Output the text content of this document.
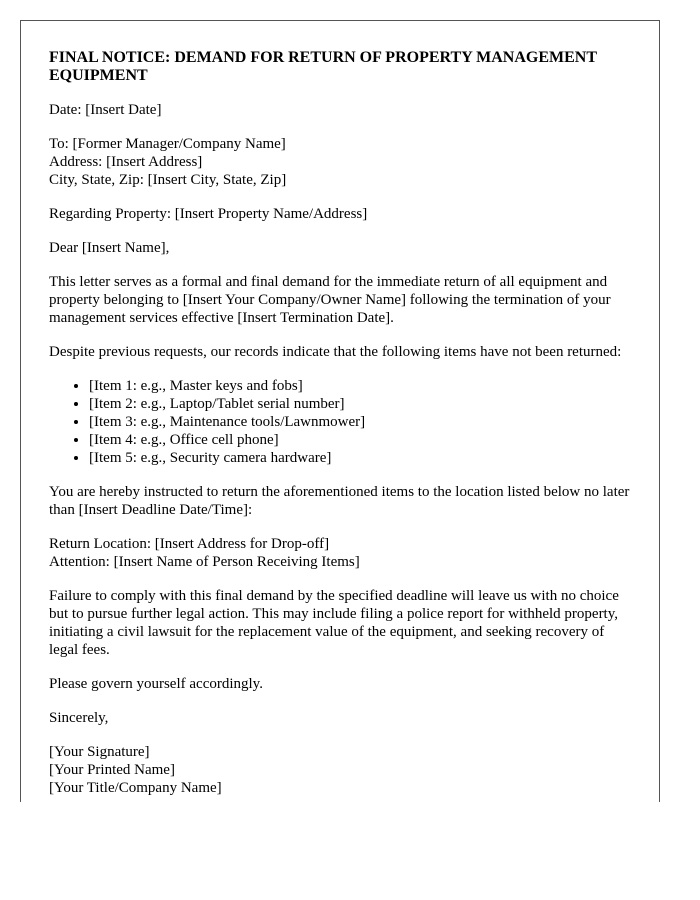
FINAL NOTICE: DEMAND FOR RETURN OF PROPERTY MANAGEMENT EQUIPMENT

Date: [Insert Date]

To: [Former Manager/Company Name]
Address: [Insert Address]
City, State, Zip: [Insert City, State, Zip]

Regarding Property: [Insert Property Name/Address]

Dear [Insert Name],

This letter serves as a formal and final demand for the immediate return of all equipment and property belonging to [Insert Your Company/Owner Name] following the termination of your management services effective [Insert Termination Date].

Despite previous requests, our records indicate that the following items have not been returned:

• [Item 1: e.g., Master keys and fobs]
• [Item 2: e.g., Laptop/Tablet serial number]
• [Item 3: e.g., Maintenance tools/Lawnmower]
• [Item 4: e.g., Office cell phone]
• [Item 5: e.g., Security camera hardware]

You are hereby instructed to return the aforementioned items to the location listed below no later than [Insert Deadline Date/Time]:

Return Location: [Insert Address for Drop-off]
Attention: [Insert Name of Person Receiving Items]

Failure to comply with this final demand by the specified deadline will leave us with no choice but to pursue further legal action. This may include filing a police report for withheld property, initiating a civil lawsuit for the replacement value of the equipment, and seeking recovery of legal fees.

Please govern yourself accordingly.

Sincerely,

[Your Signature]
[Your Printed Name]
[Your Title/Company Name]
